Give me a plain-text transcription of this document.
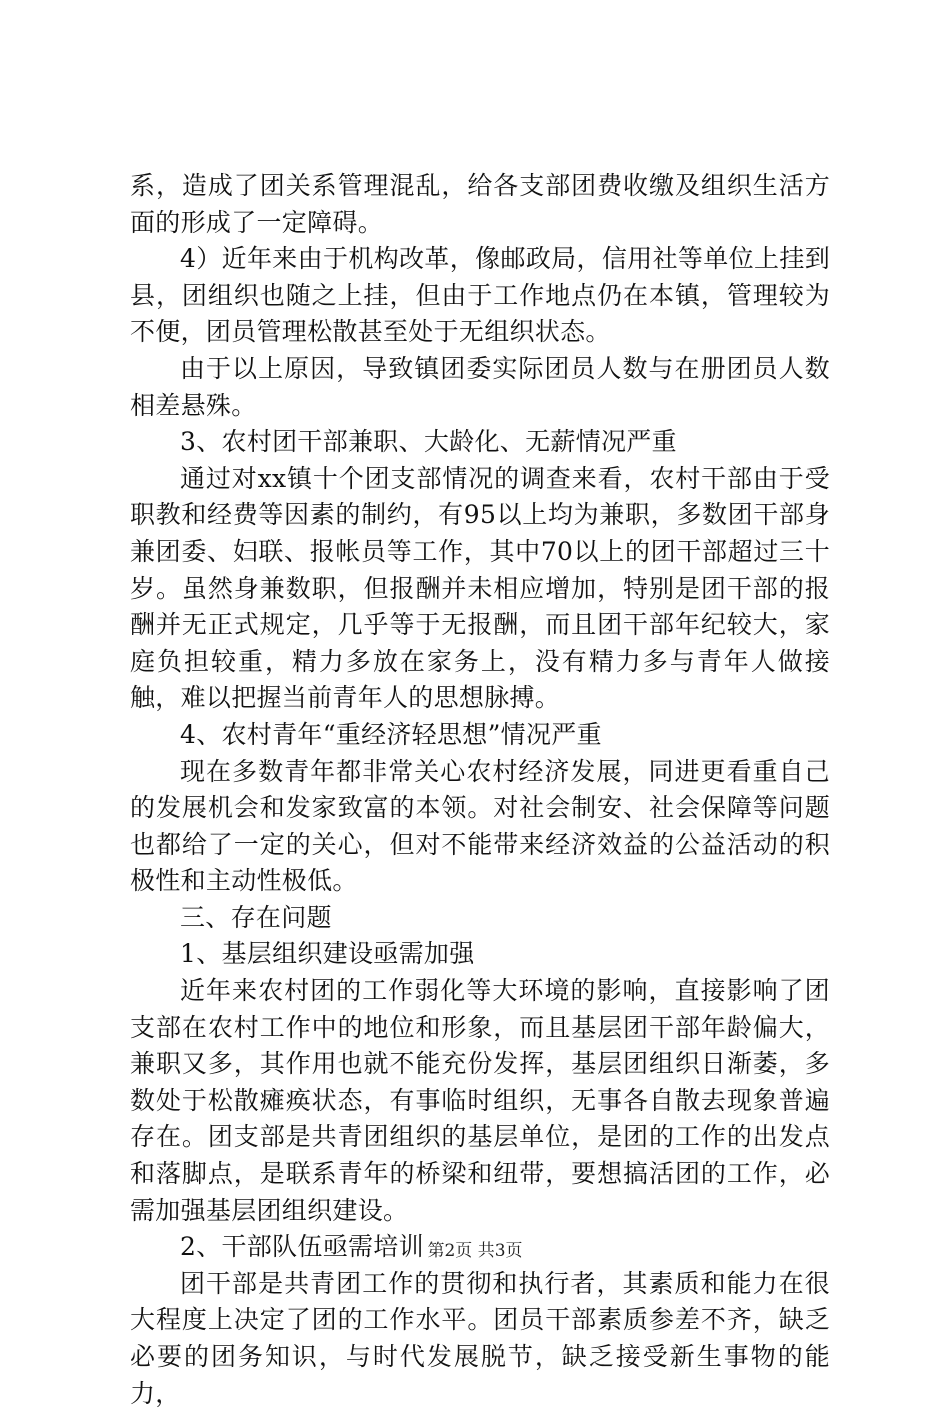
系，造成了团关系管理混乱，给各支部团费收缴及组织生活方面的形成了一定障碍。

4）近年来由于机构改革，像邮政局，信用社等单位上挂到县，团组织也随之上挂，但由于工作地点仍在本镇，管理较为不便，团员管理松散甚至处于无组织状态。

由于以上原因，导致镇团委实际团员人数与在册团员人数相差悬殊。

3、农村团干部兼职、大龄化、无薪情况严重

通过对xx镇十个团支部情况的调查来看，农村干部由于受职教和经费等因素的制约，有95以上均为兼职，多数团干部身兼团委、妇联、报帐员等工作，其中70以上的团干部超过三十岁。虽然身兼数职，但报酬并未相应增加，特别是团干部的报酬并无正式规定，几乎等于无报酬，而且团干部年纪较大，家庭负担较重，精力多放在家务上，没有精力多与青年人做接触，难以把握当前青年人的思想脉搏。

4、农村青年“重经济轻思想”情况严重

现在多数青年都非常关心农村经济发展，同进更看重自己的发展机会和发家致富的本领。对社会制安、社会保障等问题也都给了一定的关心，但对不能带来经济效益的公益活动的积极性和主动性极低。

三、存在问题

1、基层组织建设亟需加强

近年来农村团的工作弱化等大环境的影响，直接影响了团支部在农村工作中的地位和形象，而且基层团干部年龄偏大，兼职又多，其作用也就不能充份发挥，基层团组织日渐萎，多数处于松散瘫痪状态，有事临时组织，无事各自散去现象普遍存在。团支部是共青团组织的基层单位，是团的工作的出发点和落脚点，是联系青年的桥梁和纽带，要想搞活团的工作，必需加强基层团组织建设。

2、干部队伍亟需培训

团干部是共青团工作的贯彻和执行者，其素质和能力在很大程度上决定了团的工作水平。团员干部素质参差不齐，缺乏必要的团务知识，与时代发展脱节，缺乏接受新生事物的能力，

第2页 共3页
